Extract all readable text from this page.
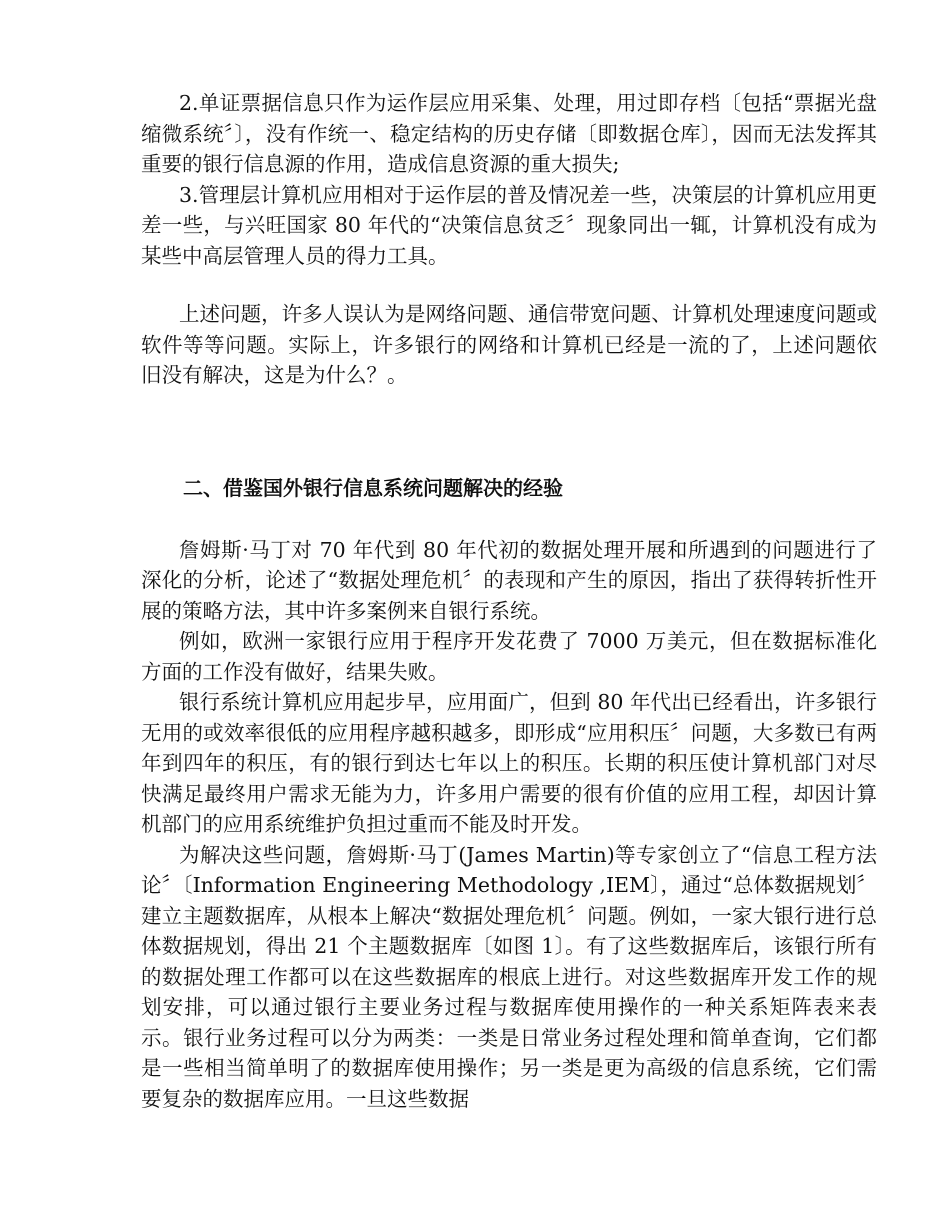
2.单证票据信息只作为运作层应用采集、处理，用过即存档〔包括“票据光盘缩微系统〞〕，没有作统一、稳定结构的历史存储〔即数据仓库〕，因而无法发挥其重要的银行信息源的作用，造成信息资源的重大损失;

3.管理层计算机应用相对于运作层的普及情况差一些，决策层的计算机应用更差一些，与兴旺国家 80 年代的“决策信息贫乏〞现象同出一辄，计算机没有成为某些中高层管理人员的得力工具。

上述问题，许多人误认为是网络问题、通信带宽问题、计算机处理速度问题或软件等等问题。实际上，许多银行的网络和计算机已经是一流的了，上述问题依旧没有解决，这是为什么？。

二、借鉴国外银行信息系统问题解决的经验

詹姆斯·马丁对 70 年代到 80 年代初的数据处理开展和所遇到的问题进行了深化的分析，论述了“数据处理危机〞的表现和产生的原因，指出了获得转折性开展的策略方法，其中许多案例来自银行系统。

例如，欧洲一家银行应用于程序开发花费了 7000 万美元，但在数据标准化方面的工作没有做好，结果失败。

银行系统计算机应用起步早，应用面广，但到 80 年代出已经看出，许多银行无用的或效率很低的应用程序越积越多，即形成“应用积压〞问题，大多数已有两年到四年的积压，有的银行到达七年以上的积压。长期的积压使计算机部门对尽快满足最终用户需求无能为力，许多用户需要的很有价值的应用工程，却因计算机部门的应用系统维护负担过重而不能及时开发。

为解决这些问题，詹姆斯·马丁(James Martin)等专家创立了“信息工程方法论〞〔Information Engineering Methodology ,IEM〕，通过“总体数据规划〞建立主题数据库，从根本上解决“数据处理危机〞问题。例如，一家大银行进行总体数据规划，得出 21 个主题数据库〔如图 1〕。有了这些数据库后，该银行所有的数据处理工作都可以在这些数据库的根底上进行。对这些数据库开发工作的规划安排，可以通过银行主要业务过程与数据库使用操作的一种关系矩阵表来表示。银行业务过程可以分为两类：一类是日常业务过程处理和简单查询，它们都是一些相当简单明了的数据库使用操作；另一类是更为高级的信息系统，它们需要复杂的数据库应用。一旦这些数据
